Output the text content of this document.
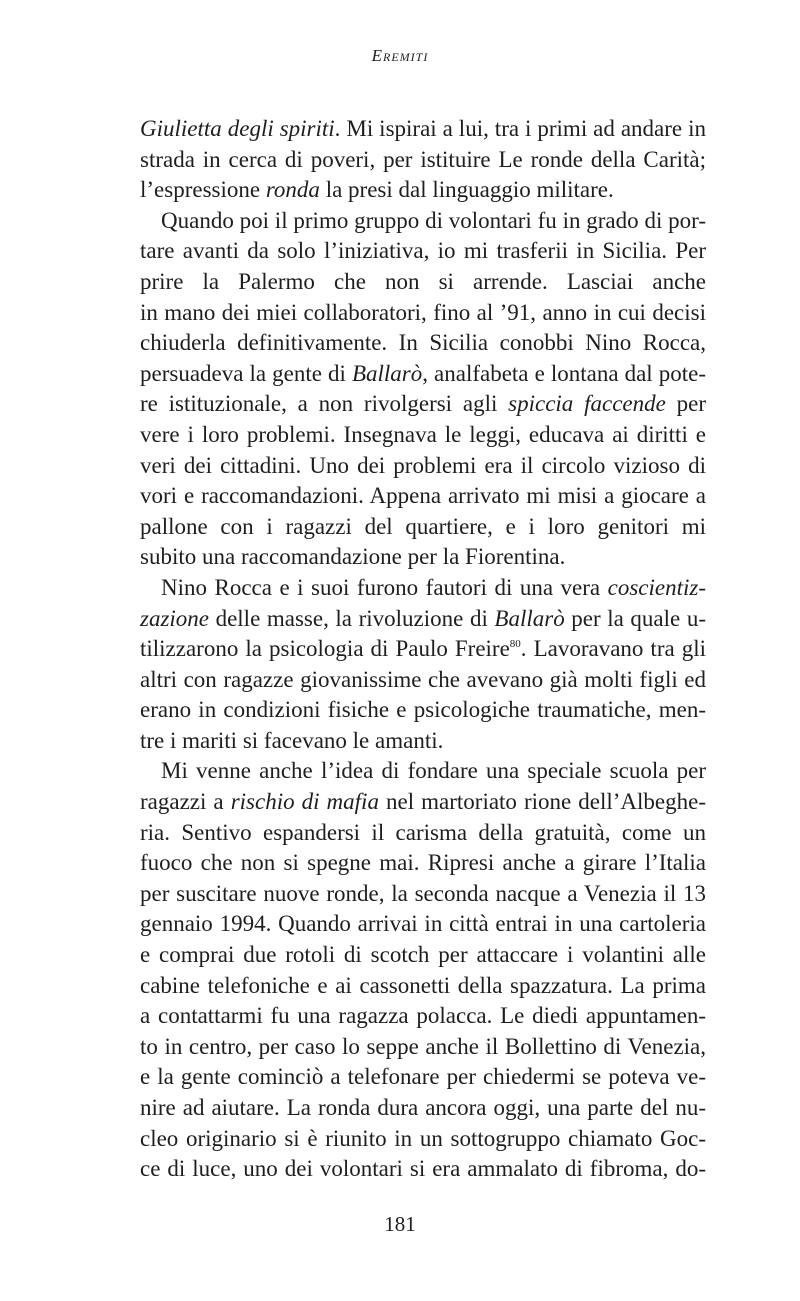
Eremiti
Giulietta degli spiriti. Mi ispirai a lui, tra i primi ad andare in
strada in cerca di poveri, per istituire Le ronde della Carità;
l’espressione ronda la presi dal linguaggio militare.
Quando poi il primo gruppo di volontari fu in grado di por-
tare avanti da solo l’iniziativa, io mi trasferii in Sicilia. Per
prire la Palermo che non si arrende. Lasciai anche
in mano dei miei collaboratori, fino al ’91, anno in cui decisi
chiuderla definitivamente. In Sicilia conobbi Nino Rocca,
persuadeva la gente di Ballarò, analfabeta e lontana dal pote-
re istituzionale, a non rivolgersi agli spiccia faccende per
vere i loro problemi. Insegnava le leggi, educava ai diritti e
veri dei cittadini. Uno dei problemi era il circolo vizioso di
vori e raccomandazioni. Appena arrivato mi misi a giocare a
pallone con i ragazzi del quartiere, e i loro genitori mi
subito una raccomandazione per la Fiorentina.
Nino Rocca e i suoi furono fautori di una vera coscientiz-
zazione delle masse, la rivoluzione di Ballarò per la quale u-
tilizzarono la psicologia di Paulo Freire$^{80}$. Lavoravano tra gli
altri con ragazze giovanissime che avevano già molti figli ed
erano in condizioni fisiche e psicologiche traumatiche, men-
tre i mariti si facevano le amanti.
Mi venne anche l’idea di fondare una speciale scuola per
ragazzi a rischio di mafia nel martoriato rione dell’Albeghe-
ria. Sentivo espandersi il carisma della gratuità, come un
fuoco che non si spegne mai. Ripresi anche a girare l’Italia
per suscitare nuove ronde, la seconda nacque a Venezia il 13
gennaio 1994. Quando arrivai in città entrai in una cartoleria
e comprai due rotoli di scotch per attaccare i volantini alle
cabine telefoniche e ai cassonetti della spazzatura. La prima
a contattarmi fu una ragazza polacca. Le diedi appuntamen-
to in centro, per caso lo seppe anche il Bollettino di Venezia,
e la gente cominciò a telefonare per chiedermi se poteva ve-
nire ad aiutare. La ronda dura ancora oggi, una parte del nu-
cleo originario si è riunito in un sottogruppo chiamato Goc-
ce di luce, uno dei volontari si era ammalato di fibroma, do-
181
